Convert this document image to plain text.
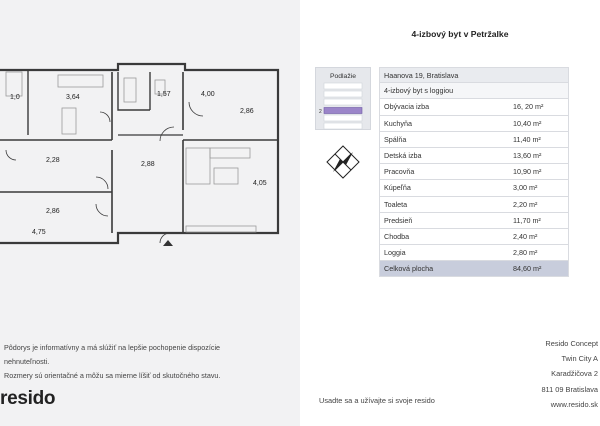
1,0	3,64	1,57	4,00
2,86
2,28
2,88
4,05
2,86
4,75
Pôdorys je informatívny a má slúžiť na lepšie pochopenie dispozície
nehnuteľnosti.
Rozmery sú orientačné a môžu sa mierne líšiť od skutočného stavu.
resido
4-izbový byt v Petržalke
Podlažie
2
Haanova 19, Bratislava
4-izbový byt s loggiou
Obývacia izba	16, 20 m²
Kuchyňa	10,40 m²
Spálňa	11,40 m²
Detská izba	13,60 m²
Pracovňa	10,90 m²
Kúpeľňa	3,00 m²
Toaleta	2,20 m²
Predsieň	11,70 m²
Chodba	2,40 m²
Loggia	2,80 m²
Celková plocha	84,60 m²
Resido Concept
Twin City A
Karadžičova 2
811 09 Bratislava
www.resido.sk
Usadte sa a užívajte si svoje resido
